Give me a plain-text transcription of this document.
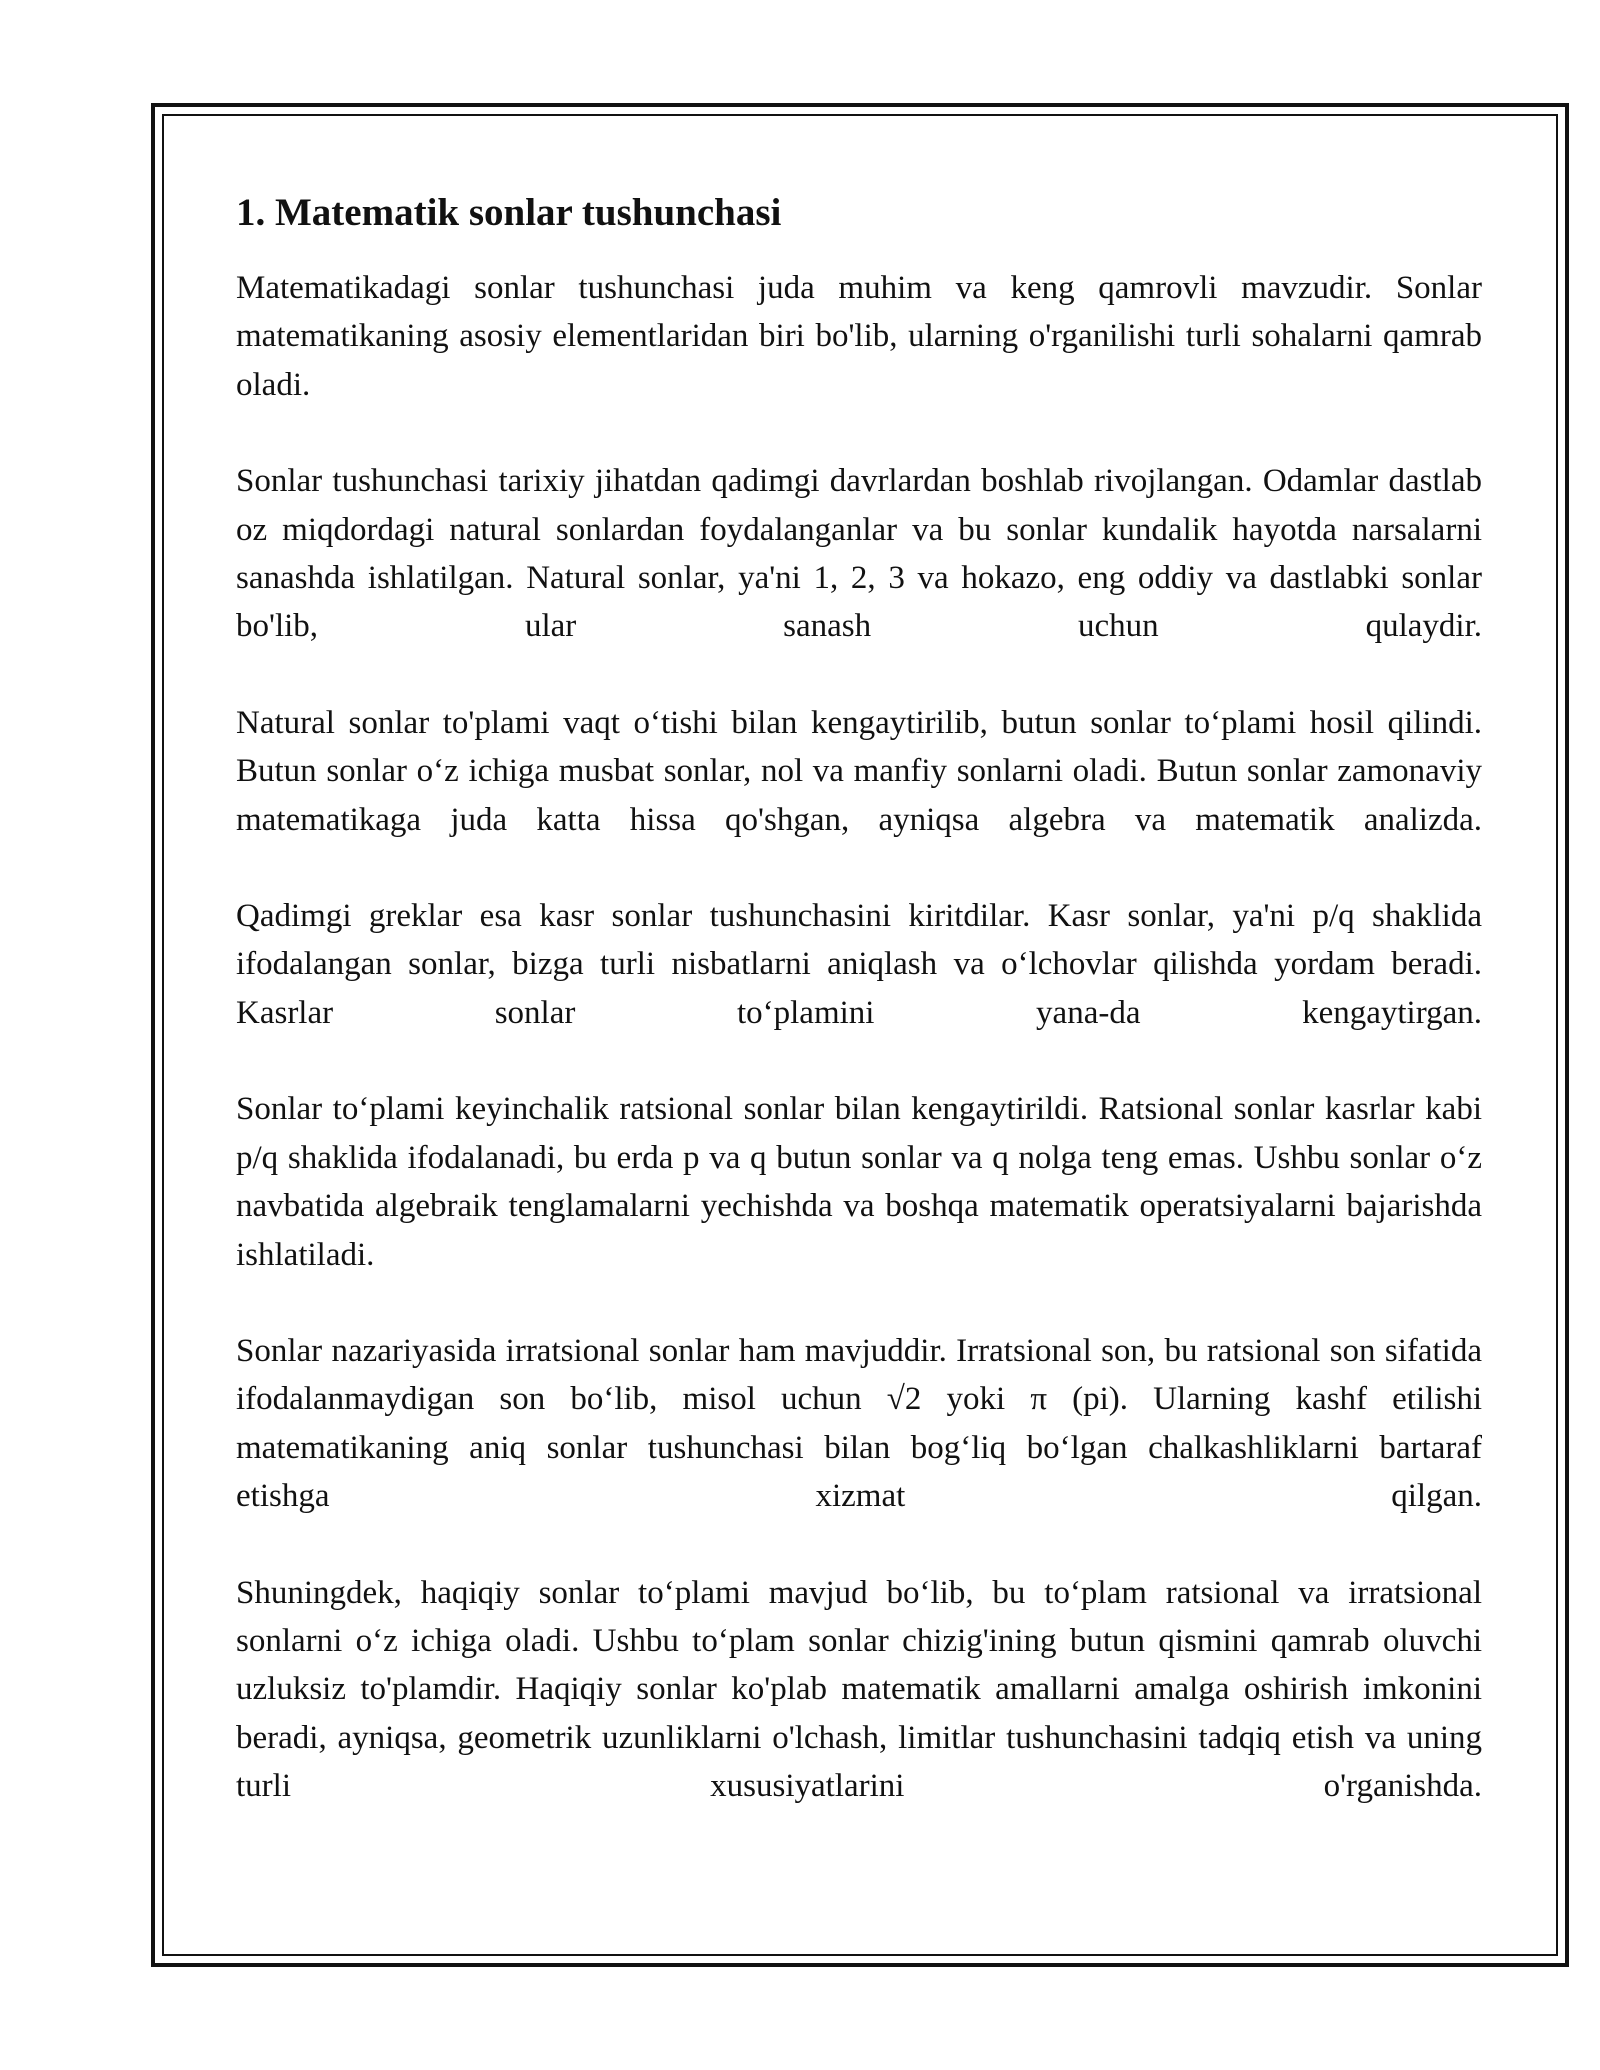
1. Matematik sonlar tushunchasi

Matematikadagi sonlar tushunchasi juda muhim va keng qamrovli mavzudir. Sonlar matematikaning asosiy elementlaridan biri bo'lib, ularning o'rganilishi turli sohalarni qamrab oladi.

Sonlar tushunchasi tarixiy jihatdan qadimgi davrlardan boshlab rivojlangan. Odamlar dastlab oz miqdordagi natural sonlardan foydalanganlar va bu sonlar kundalik hayotda narsalarni sanashda ishlatilgan. Natural sonlar, ya'ni 1, 2, 3 va hokazo, eng oddiy va dastlabki sonlar bo'lib, ular sanash uchun qulaydir.

Natural sonlar to'plami vaqt o‘tishi bilan kengaytirilib, butun sonlar to‘plami hosil qilindi. Butun sonlar o‘z ichiga musbat sonlar, nol va manfiy sonlarni oladi. Butun sonlar zamonaviy matematikaga juda katta hissa qo'shgan, ayniqsa algebra va matematik analizda.

Qadimgi greklar esa kasr sonlar tushunchasini kiritdilar. Kasr sonlar, ya'ni p/q shaklida ifodalangan sonlar, bizga turli nisbatlarni aniqlash va o‘lchovlar qilishda yordam beradi. Kasrlar sonlar to‘plamini yana-da kengaytirgan.

Sonlar to‘plami keyinchalik ratsional sonlar bilan kengaytirildi. Ratsional sonlar kasrlar kabi p/q shaklida ifodalanadi, bu erda p va q butun sonlar va q nolga teng emas. Ushbu sonlar o‘z navbatida algebraik tenglamalarni yechishda va boshqa matematik operatsiyalarni bajarishda ishlatiladi.

Sonlar nazariyasida irratsional sonlar ham mavjuddir. Irratsional son, bu ratsional son sifatida ifodalanmaydigan son bo‘lib, misol uchun √2 yoki π (pi). Ularning kashf etilishi matematikaning aniq sonlar tushunchasi bilan bog‘liq bo‘lgan chalkashliklarni bartaraf etishga xizmat qilgan.

Shuningdek, haqiqiy sonlar to‘plami mavjud bo‘lib, bu to‘plam ratsional va irratsional sonlarni o‘z ichiga oladi. Ushbu to‘plam sonlar chizig'ining butun qismini qamrab oluvchi uzluksiz to'plamdir. Haqiqiy sonlar ko'plab matematik amallarni amalga oshirish imkonini beradi, ayniqsa, geometrik uzunliklarni o'lchash, limitlar tushunchasini tadqiq etish va uning turli xususiyatlarini o'rganishda.
